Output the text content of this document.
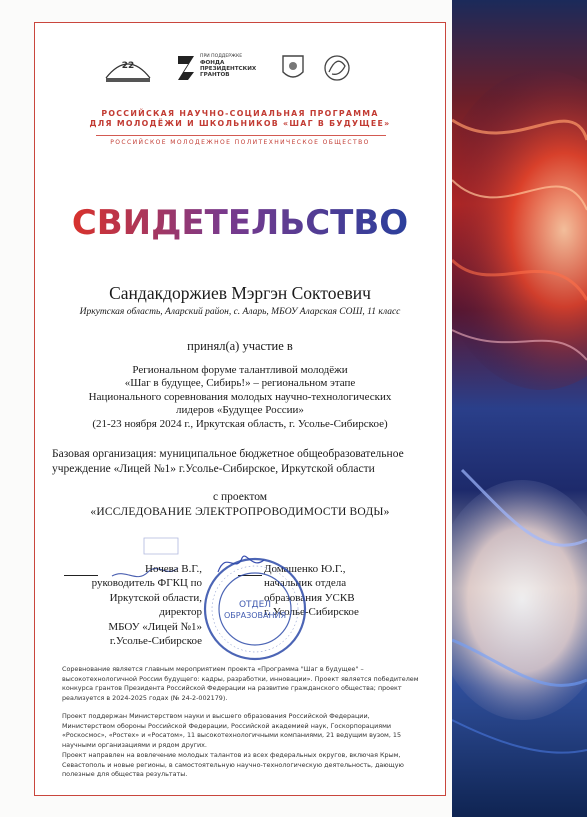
22
ПРИ ПОДДЕРЖКЕ
ФОНДА
ПРЕЗИДЕНТСКИХ
ГРАНТОВ
РОССИЙСКАЯ НАУЧНО-СОЦИАЛЬНАЯ ПРОГРАММА
ДЛЯ МОЛОДЁЖИ И ШКОЛЬНИКОВ «ШАГ В БУДУЩЕЕ»
РОССИЙСКОЕ МОЛОДЕЖНОЕ ПОЛИТЕХНИЧЕСКОЕ ОБЩЕСТВО
СВИДЕТЕЛЬСТВО
Сандакдоржиев Мэргэн Соктоевич
Иркутская область, Аларский район, с. Аларь, МБОУ Аларская СОШ, 11 класс
принял(а) участие в
Региональном форуме талантливой молодёжи
«Шаг в будущее, Сибирь!» – региональном этапе
Национального соревнования молодых научно-технологических
лидеров «Будущее России»
(21-23 ноября 2024 г., Иркутская область, г. Усолье-Сибирское)
Базовая организация: муниципальное бюджетное общеобразовательное
учреждение «Лицей №1» г.Усолье-Сибирское, Иркутской области
с проектом
«ИССЛЕДОВАНИЕ ЭЛЕКТРОПРОВОДИМОСТИ ВОДЫ»
Ночева В.Г.,
руководитель ФГКЦ по
Иркутской области,
директор
МБОУ «Лицей №1»
г.Усолье-Сибирское
Домашенко Ю.Г.,
начальник отдела
образования УСКВ
г. Усолье-Сибирское
ОТДЕЛ
ОБРАЗОВАНИЯ
Соревнование является главным мероприятием проекта «Программа "Шаг в будущее" – высокотехнологичной России будущего: кадры, разработки, инновации». Проект является победителем конкурса грантов Президента Российской Федерации на развитие гражданского общества; проект реализуется в 2024-2025 годах (№ 24-2-002179).
Проект поддержан Министерством науки и высшего образования Российской Федерации, Министерством обороны Российской Федерации, Российской академией наук, Госкорпорациями «Роскосмос», «Ростех» и «Росатом», 11 высокотехнологичными компаниями, 21 ведущим вузом, 15 научными организациями и рядом других.
Проект направлен на вовлечение молодых талантов из всех федеральных округов, включая Крым, Севастополь и новые регионы, в самостоятельную научно-технологическую деятельность, дающую полезные для общества результаты.
